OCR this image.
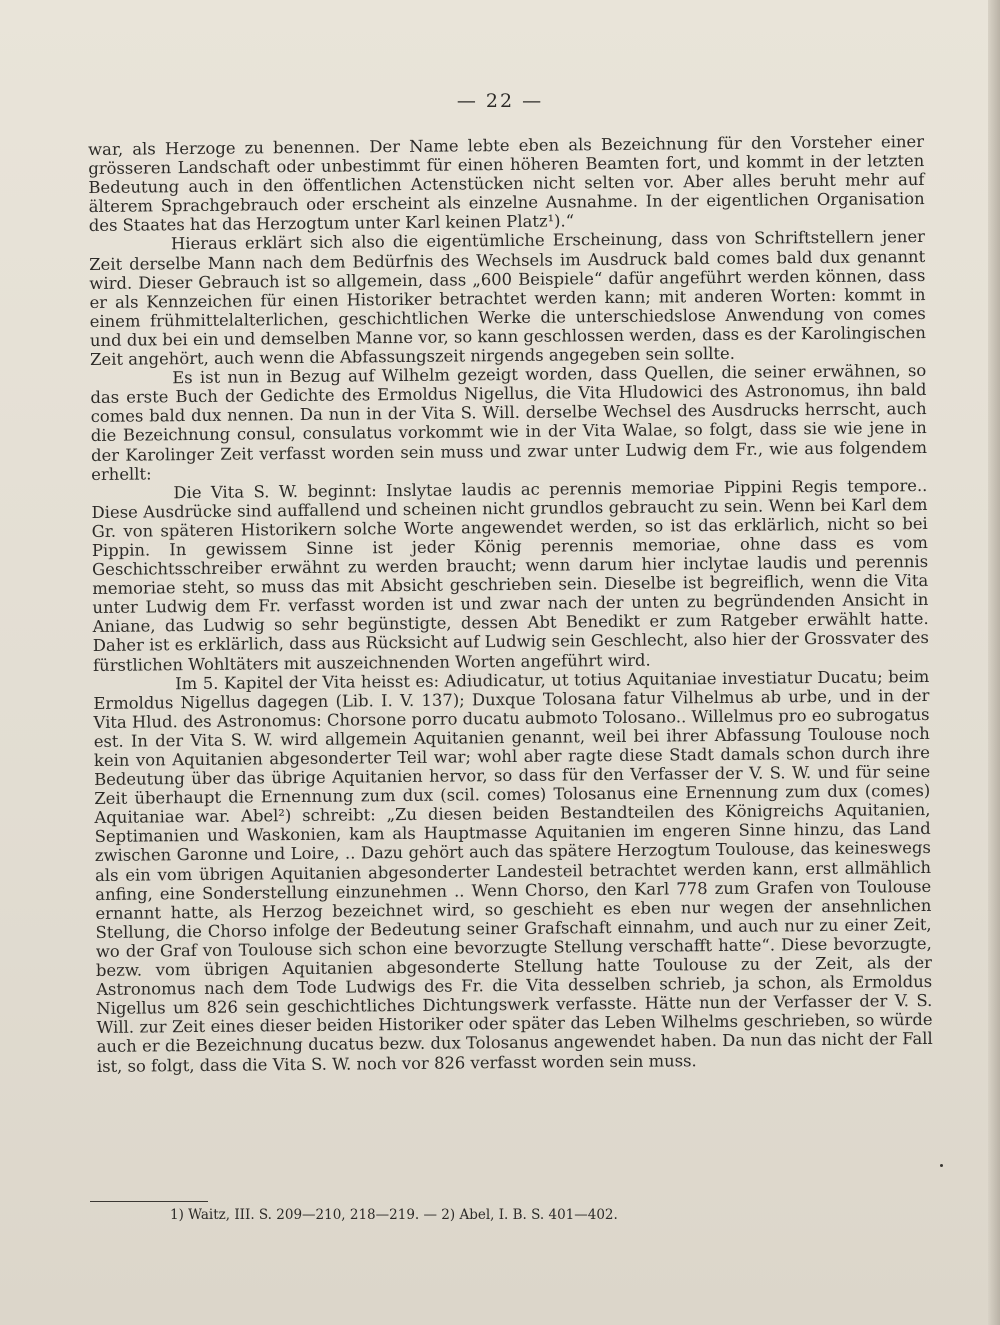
— 22 —

war, als Herzoge zu benennen. Der Name lebte eben als Bezeichnung für den Vorsteher einer grösseren Landschaft oder unbestimmt für einen höheren Beamten fort, und kommt in der letzten Bedeutung auch in den öffentlichen Actenstücken nicht selten vor. Aber alles beruht mehr auf älterem Sprachgebrauch oder erscheint als einzelne Ausnahme. In der eigentlichen Organisation des Staates hat das Herzogtum unter Karl keinen Platz¹).“

Hieraus erklärt sich also die eigentümliche Erscheinung, dass von Schriftstellern jener Zeit derselbe Mann nach dem Bedürfnis des Wechsels im Ausdruck bald comes bald dux genannt wird. Dieser Gebrauch ist so allgemein, dass „600 Beispiele“ dafür angeführt werden können, dass er als Kennzeichen für einen Historiker betrachtet werden kann; mit anderen Worten: kommt in einem frühmittelalterlichen, geschichtlichen Werke die unterschiedslose Anwendung von comes und dux bei ein und demselben Manne vor, so kann geschlossen werden, dass es der Karolingischen Zeit angehört, auch wenn die Abfassungszeit nirgends angegeben sein sollte.

Es ist nun in Bezug auf Wilhelm gezeigt worden, dass Quellen, die seiner erwähnen, so das erste Buch der Gedichte des Ermoldus Nigellus, die Vita Hludowici des Astronomus, ihn bald comes bald dux nennen. Da nun in der Vita S. Will. derselbe Wechsel des Ausdrucks herrscht, auch die Bezeichnung consul, consulatus vorkommt wie in der Vita Walae, so folgt, dass sie wie jene in der Karolinger Zeit verfasst worden sein muss und zwar unter Ludwig dem Fr., wie aus folgendem erhellt:

Die Vita S. W. beginnt: Inslytae laudis ac perennis memoriae Pippini Regis tempore.. Diese Ausdrücke sind auffallend und scheinen nicht grundlos gebraucht zu sein. Wenn bei Karl dem Gr. von späteren Historikern solche Worte angewendet werden, so ist das erklärlich, nicht so bei Pippin. In gewissem Sinne ist jeder König perennis memoriae, ohne dass es vom Geschichtsschreiber erwähnt zu werden braucht; wenn darum hier inclytae laudis und perennis memoriae steht, so muss das mit Absicht geschrieben sein. Dieselbe ist begreiflich, wenn die Vita unter Ludwig dem Fr. verfasst worden ist und zwar nach der unten zu begründenden Ansicht in Aniane, das Ludwig so sehr begünstigte, dessen Abt Benedikt er zum Ratgeber erwählt hatte. Daher ist es erklärlich, dass aus Rücksicht auf Ludwig sein Geschlecht, also hier der Grossvater des fürstlichen Wohltäters mit auszeichnenden Worten angeführt wird.

Im 5. Kapitel der Vita heisst es: Adiudicatur, ut totius Aquitaniae investiatur Ducatu; beim Ermoldus Nigellus dagegen (Lib. I. V. 137); Duxque Tolosana fatur Vilhelmus ab urbe, und in der Vita Hlud. des Astronomus: Chorsone porro ducatu aubmoto Tolosano.. Willelmus pro eo subrogatus est. In der Vita S. W. wird allgemein Aquitanien genannt, weil bei ihrer Abfassung Toulouse noch kein von Aquitanien abgesonderter Teil war; wohl aber ragte diese Stadt damals schon durch ihre Bedeutung über das übrige Aquitanien hervor, so dass für den Verfasser der V. S. W. und für seine Zeit überhaupt die Ernennung zum dux (scil. comes) Tolosanus eine Ernennung zum dux (comes) Aquitaniae war. Abel²) schreibt: „Zu diesen beiden Bestandteilen des Königreichs Aquitanien, Septimanien und Waskonien, kam als Hauptmasse Aquitanien im engeren Sinne hinzu, das Land zwischen Garonne und Loire, .. Dazu gehört auch das spätere Herzogtum Toulouse, das keineswegs als ein vom übrigen Aquitanien abgesonderter Landesteil betrachtet werden kann, erst allmählich anfing, eine Sonderstellung einzunehmen .. Wenn Chorso, den Karl 778 zum Grafen von Toulouse ernannt hatte, als Herzog bezeichnet wird, so geschieht es eben nur wegen der ansehnlichen Stellung, die Chorso infolge der Bedeutung seiner Grafschaft einnahm, und auch nur zu einer Zeit, wo der Graf von Toulouse sich schon eine bevorzugte Stellung verschafft hatte“. Diese bevorzugte, bezw. vom übrigen Aquitanien abgesonderte Stellung hatte Toulouse zu der Zeit, als der Astronomus nach dem Tode Ludwigs des Fr. die Vita desselben schrieb, ja schon, als Ermoldus Nigellus um 826 sein geschichtliches Dichtungswerk verfasste. Hätte nun der Verfasser der V. S. Will. zur Zeit eines dieser beiden Historiker oder später das Leben Wilhelms geschrieben, so würde auch er die Bezeichnung ducatus bezw. dux Tolosanus angewendet haben. Da nun das nicht der Fall ist, so folgt, dass die Vita S. W. noch vor 826 verfasst worden sein muss.

1) Waitz, III. S. 209—210, 218—219. — 2) Abel, I. B. S. 401—402.
